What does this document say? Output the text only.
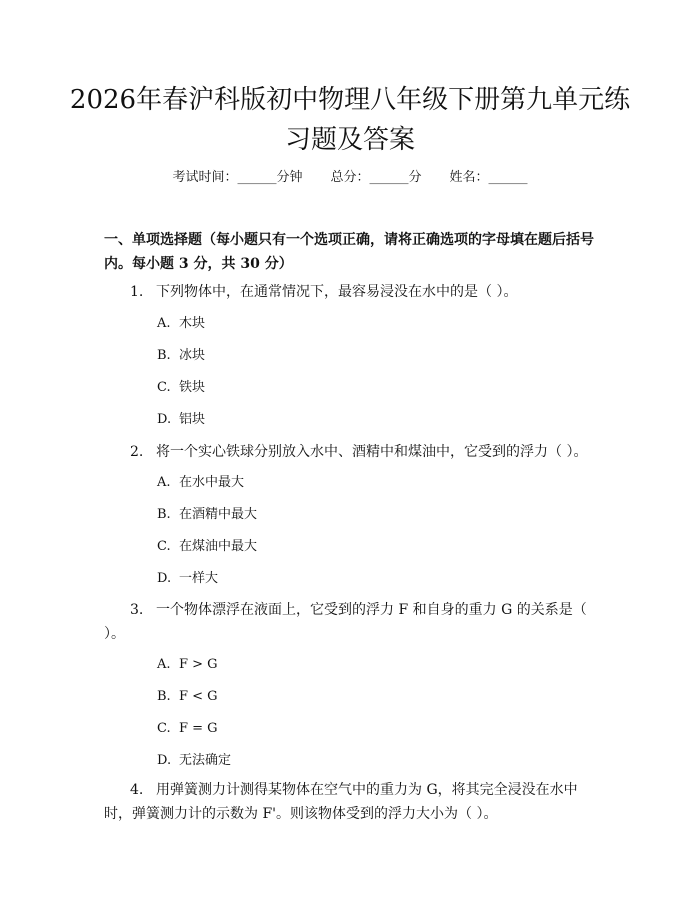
2026年春沪科版初中物理八年级下册第九单元练习题及答案
考试时间：______分钟 总分：______分 姓名：______
一、单项选择题（每小题只有一个选项正确，请将正确选项的字母填在题后括号内。每小题 3 分，共 30 分）
1. 下列物体中，在通常情况下，最容易浸没在水中的是（ ）。
A. 木块
B. 冰块
C. 铁块
D. 铝块
2. 将一个实心铁球分别放入水中、酒精中和煤油中，它受到的浮力（ ）。
A. 在水中最大
B. 在酒精中最大
C. 在煤油中最大
D. 一样大
3. 一个物体漂浮在液面上，它受到的浮力 F 和自身的重力 G 的关系是（ ）。
A. F > G
B. F < G
C. F = G
D. 无法确定
4. 用弹簧测力计测得某物体在空气中的重力为 G，将其完全浸没在水中时，弹簧测力计的示数为 F'。则该物体受到的浮力大小为（ ）。
